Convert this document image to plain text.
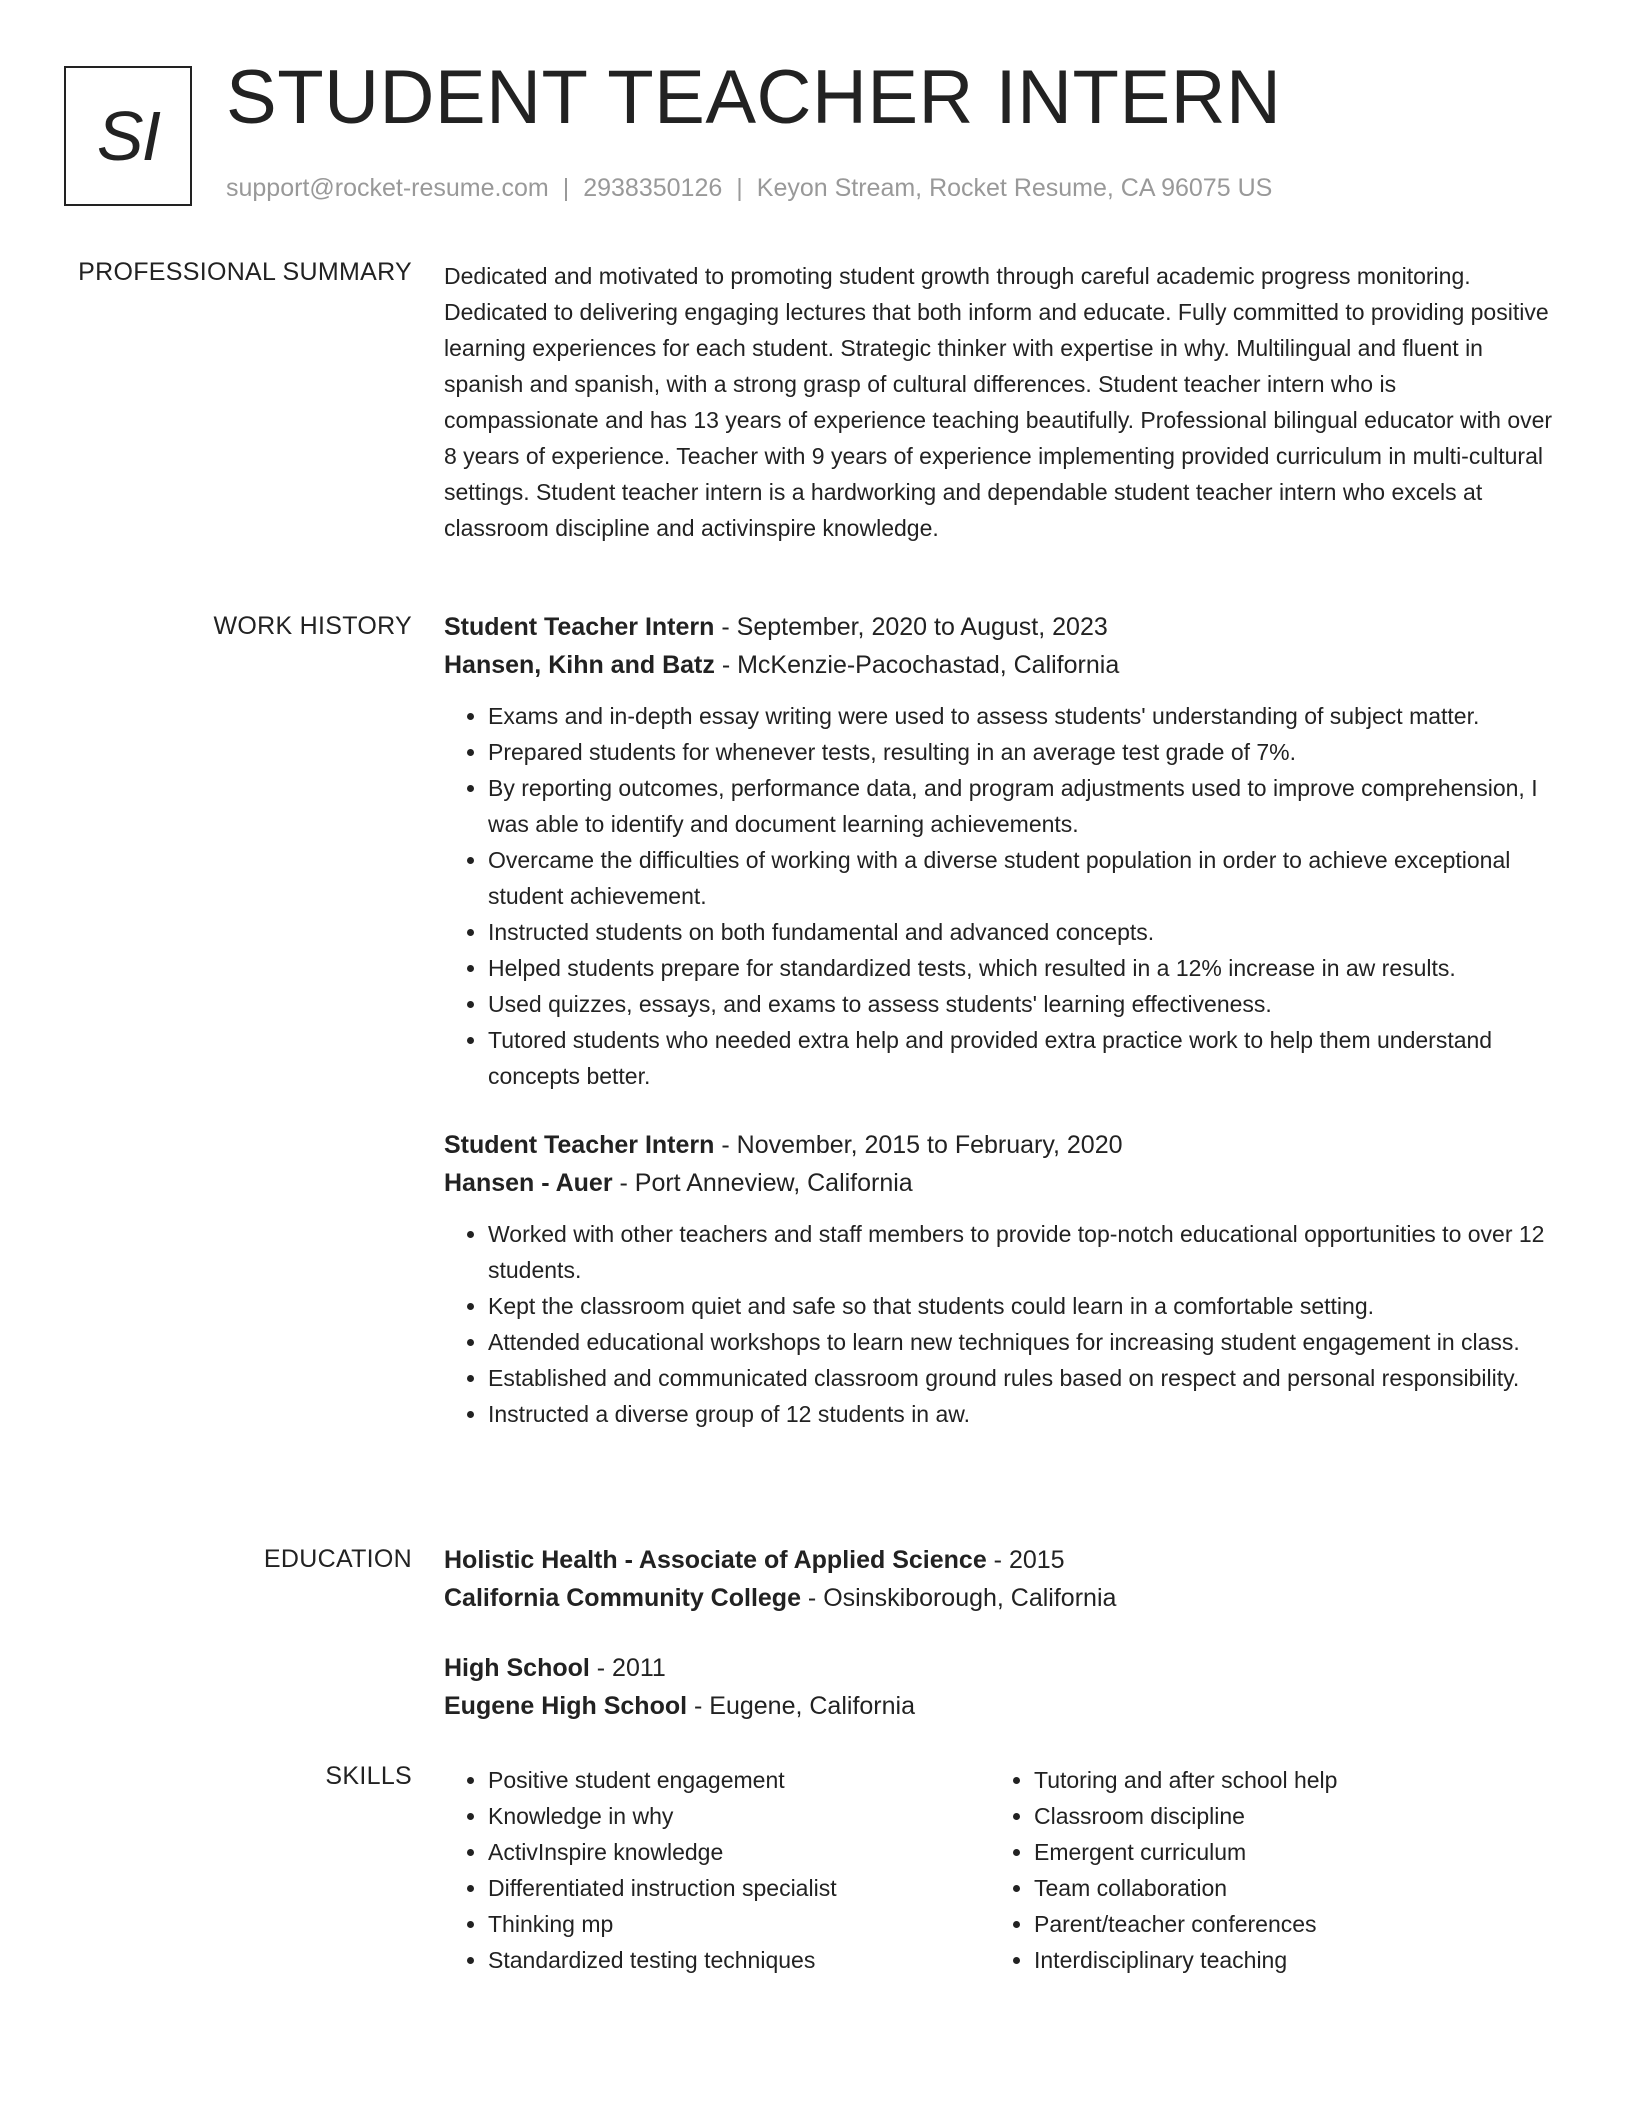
SI STUDENT TEACHER INTERN
support@rocket-resume.com | 2938350126 | Keyon Stream, Rocket Resume, CA 96075 US
PROFESSIONAL SUMMARY Dedicated and motivated to promoting student growth through careful academic progress monitoring. Dedicated to delivering engaging lectures that both inform and educate. Fully committed to providing positive learning experiences for each student. Strategic thinker with expertise in why. Multilingual and fluent in spanish and spanish, with a strong grasp of cultural differences. Student teacher intern who is compassionate and has 13 years of experience teaching beautifully. Professional bilingual educator with over 8 years of experience. Teacher with 9 years of experience implementing provided curriculum in multi-cultural settings. Student teacher intern is a hardworking and dependable student teacher intern who excels at classroom discipline and activinspire knowledge.

WORK HISTORY Student Teacher Intern - September, 2020 to August, 2023
Hansen, Kihn and Batz - McKenzie-Pacochastad, California
• Exams and in-depth essay writing were used to assess students' understanding of subject matter.
• Prepared students for whenever tests, resulting in an average test grade of 7%.
• By reporting outcomes, performance data, and program adjustments used to improve comprehension, I was able to identify and document learning achievements.
• Overcame the difficulties of working with a diverse student population in order to achieve exceptional student achievement.
• Instructed students on both fundamental and advanced concepts.
• Helped students prepare for standardized tests, which resulted in a 12% increase in aw results.
• Used quizzes, essays, and exams to assess students' learning effectiveness.
• Tutored students who needed extra help and provided extra practice work to help them understand concepts better.
Student Teacher Intern - November, 2015 to February, 2020
Hansen - Auer - Port Anneview, California
• Worked with other teachers and staff members to provide top-notch educational opportunities to over 12 students.
• Kept the classroom quiet and safe so that students could learn in a comfortable setting.
• Attended educational workshops to learn new techniques for increasing student engagement in class.
• Established and communicated classroom ground rules based on respect and personal responsibility.
• Instructed a diverse group of 12 students in aw.
EDUCATION Holistic Health - Associate of Applied Science - 2015
California Community College - Osinskiborough, California
High School - 2011
Eugene High School - Eugene, California
SKILLS
•	Positive student engagement
• Knowledge in why
• ActivInspire knowledge
• Differentiated instruction specialist
• Thinking mp
• Standardized testing techniques
• Tutoring and after school help
• Classroom discipline
• Emergent curriculum
• Team collaboration
• Parent/teacher conferences
• Interdisciplinary teaching
